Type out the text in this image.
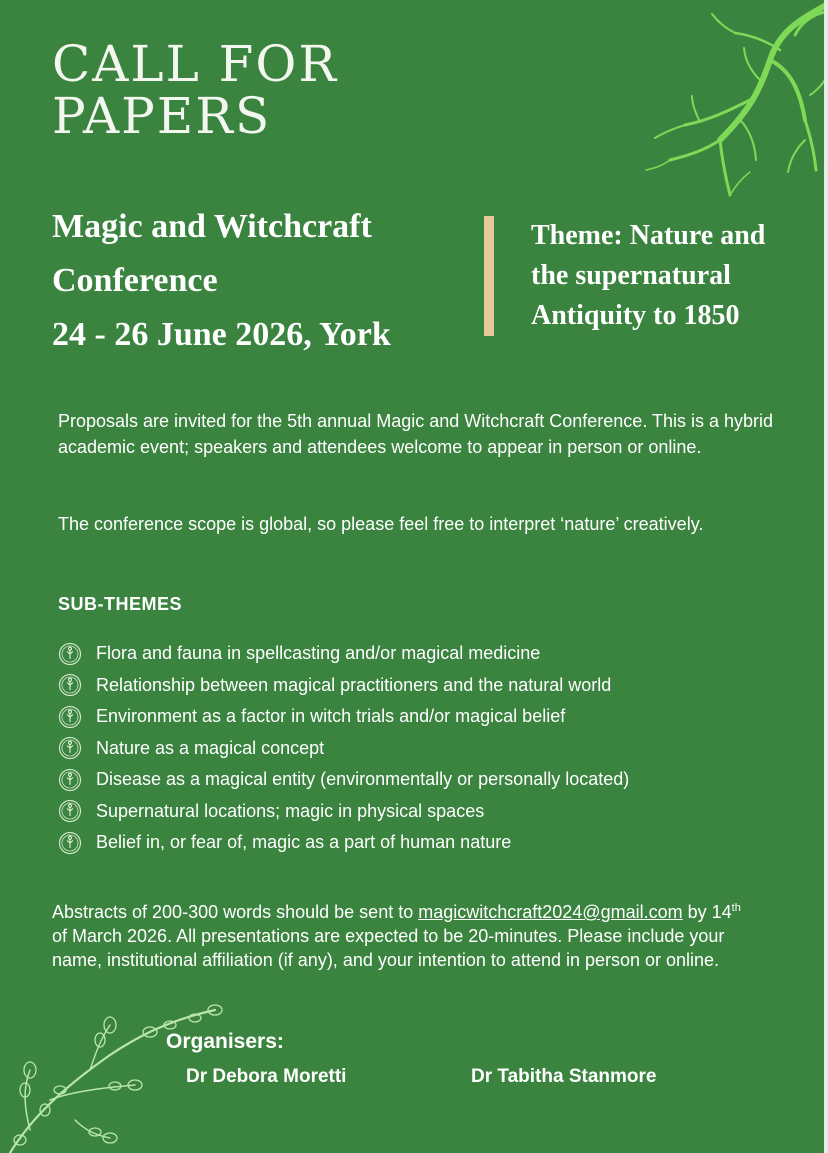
CALL FOR
PAPERS
Magic and Witchcraft
Conference
24 - 26 June 2026, York
Theme: Nature and
the supernatural
Antiquity to 1850

Proposals are invited for the 5th annual Magic and Witchcraft Conference. This is a hybrid academic event; speakers and attendees welcome to appear in person or online.

The conference scope is global, so please feel free to interpret ‘nature’ creatively.

SUB-THEMES
Flora and fauna in spellcasting and/or magical medicine
Relationship between magical practitioners and the natural world
Environment as a factor in witch trials and/or magical belief
Nature as a magical concept
Disease as a magical entity (environmentally or personally located)
Supernatural locations; magic in physical spaces
Belief in, or fear of, magic as a part of human nature

Abstracts of 200-300 words should be sent to magicwitchcraft2024@gmail.com by 14th of March 2026. All presentations are expected to be 20-minutes. Please include your name, institutional affiliation (if any), and your intention to attend in person or online.

Organisers:
Dr Debora Moretti	Dr Tabitha Stanmore
